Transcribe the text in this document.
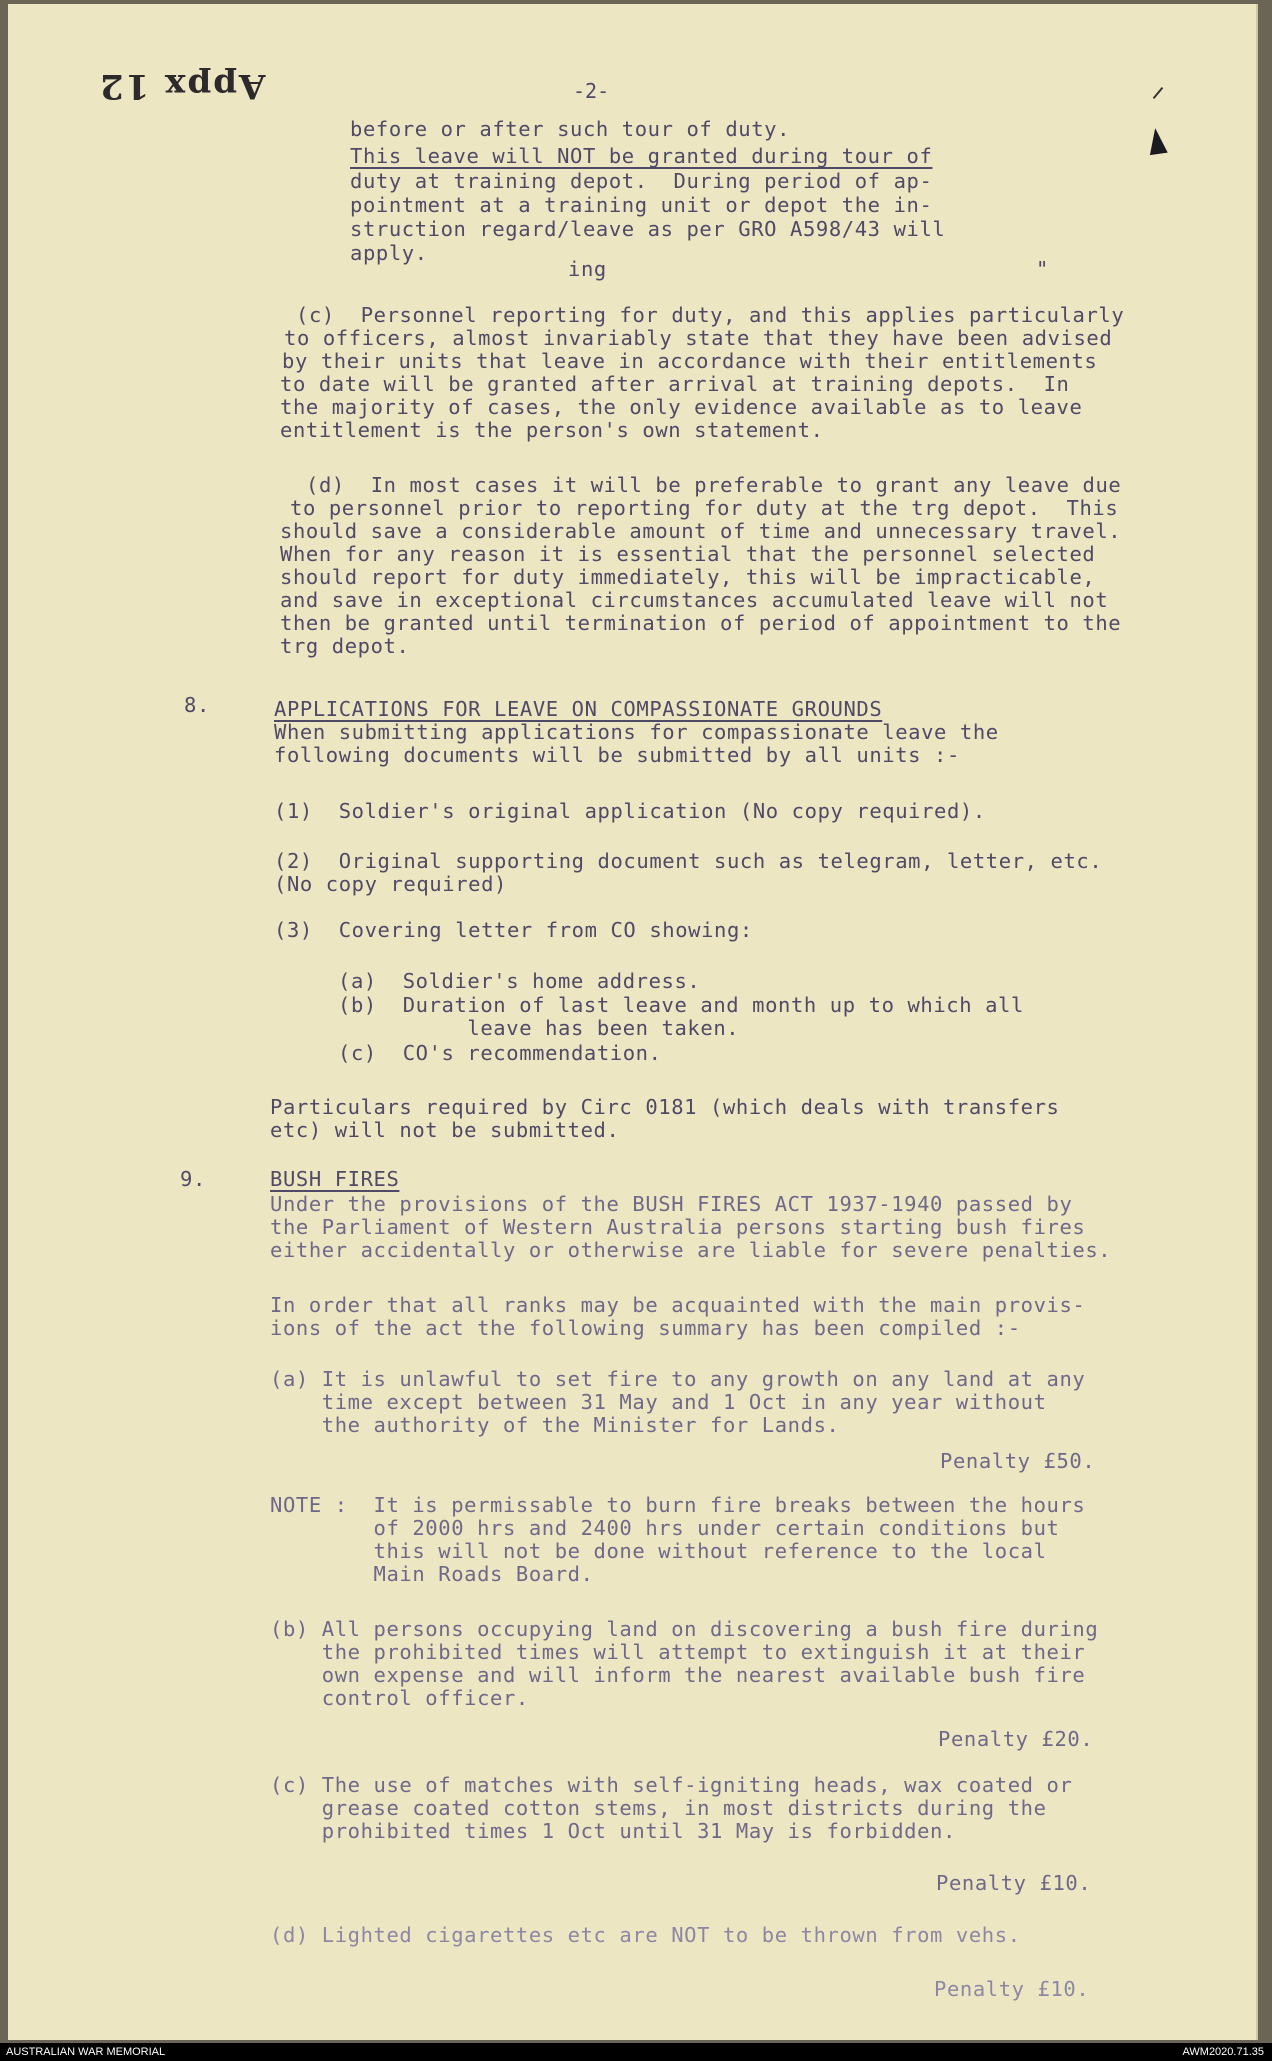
Appx 12	-2-
before or after such tour of duty.
This leave will NOT be granted during tour of
duty at training depot.  During period of ap-
pointment at a training unit or depot the in-
struction regard/leave as per GRO A598/43 will
apply.
ing	"
(c)  Personnel reporting for duty, and this applies particularly
to officers, almost invariably state that they have been advised
by their units that leave in accordance with their entitlements
to date will be granted after arrival at training depots.  In
the majority of cases, the only evidence available as to leave
entitlement is the person's own statement.
(d)  In most cases it will be preferable to grant any leave due
to personnel prior to reporting for duty at the trg depot.  This
should save a considerable amount of time and unnecessary travel.
When for any reason it is essential that the personnel selected
should report for duty immediately, this will be impracticable,
and save in exceptional circumstances accumulated leave will not
then be granted until termination of period of appointment to the
trg depot.
8.	APPLICATIONS FOR LEAVE ON COMPASSIONATE GROUNDS
When submitting applications for compassionate leave the
following documents will be submitted by all units :-
(1)  Soldier's original application (No copy required).
(2)  Original supporting document such as telegram, letter, etc.
(No copy required)
(3)  Covering letter from CO showing:
(a)  Soldier's home address.
(b)  Duration of last leave and month up to which all
leave has been taken.
(c)  CO's recommendation.
Particulars required by Circ 0181 (which deals with transfers
etc) will not be submitted.
9.	BUSH FIRES
Under the provisions of the BUSH FIRES ACT 1937-1940 passed by
the Parliament of Western Australia persons starting bush fires
either accidentally or otherwise are liable for severe penalties.
In order that all ranks may be acquainted with the main provis-
ions of the act the following summary has been compiled :-
(a) It is unlawful to set fire to any growth on any land at any
time except between 31 May and 1 Oct in any year without
the authority of the Minister for Lands.
Penalty £50.
NOTE :  It is permissable to burn fire breaks between the hours
of 2000 hrs and 2400 hrs under certain conditions but
this will not be done without reference to the local
Main Roads Board.
(b) All persons occupying land on discovering a bush fire during
the prohibited times will attempt to extinguish it at their
own expense and will inform the nearest available bush fire
control officer.
Penalty £20.
(c) The use of matches with self-igniting heads, wax coated or
grease coated cotton stems, in most districts during the
prohibited times 1 Oct until 31 May is forbidden.
Penalty £10.
(d) Lighted cigarettes etc are NOT to be thrown from vehs.
Penalty £10.
AUSTRALIAN WAR MEMORIAL	AWM2020.71.35
